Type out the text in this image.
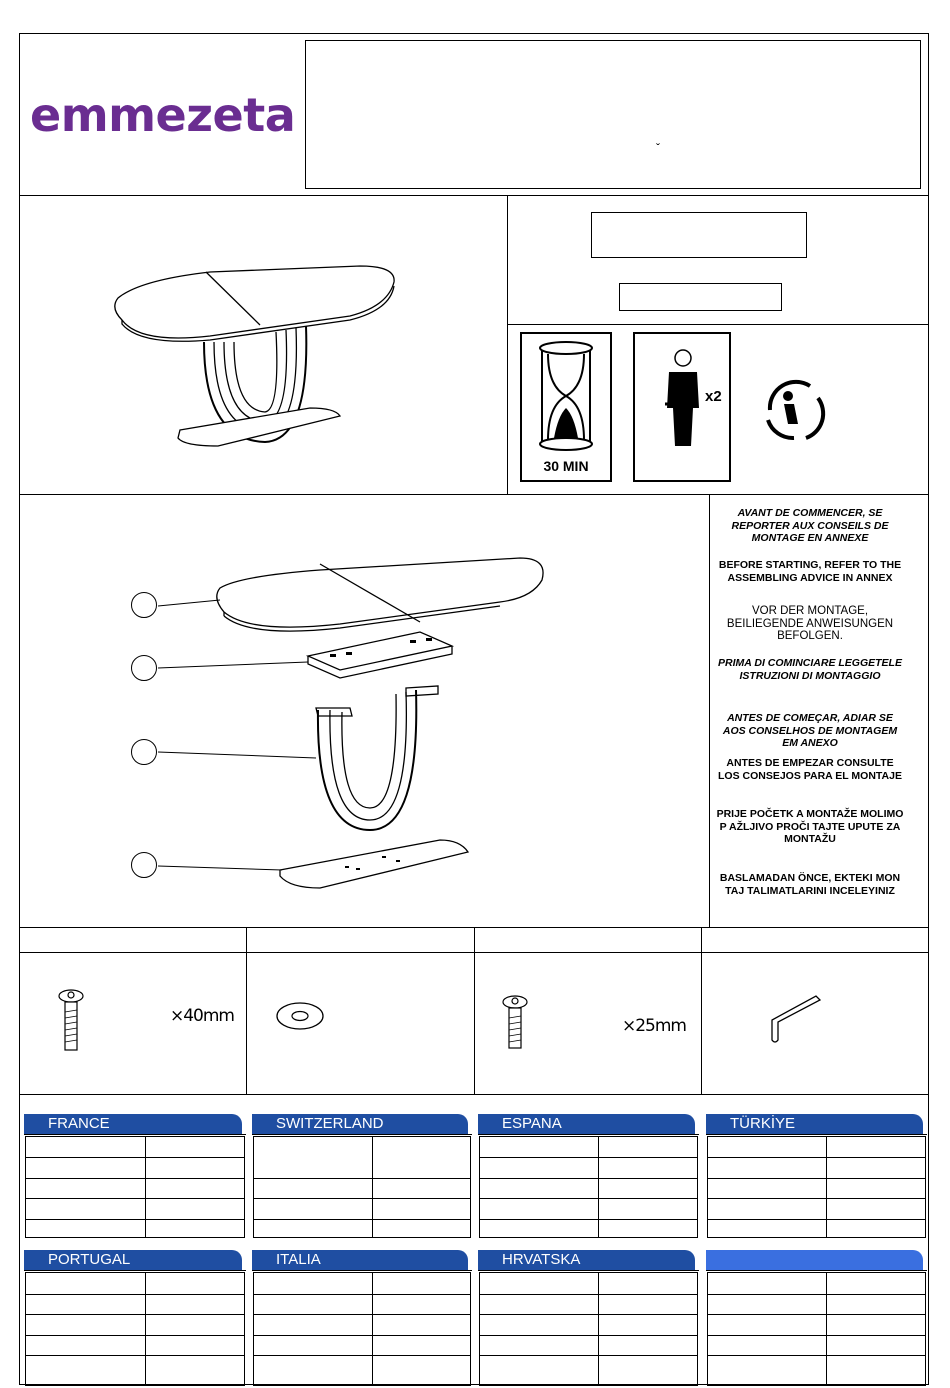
emmezeta
ˇ
30 MIN
x2
AVANT DE COMMENCER, SE REPORTER AUX CONSEILS DE MONTAGE EN ANNEXE
BEFORE STARTING, REFER TO THE ASSEMBLING ADVICE IN ANNEX
VOR DER MONTAGE, BEILIEGENDE ANWEISUNGEN BEFOLGEN.
PRIMA DI COMINCIARE LEGGETELE ISTRUZIONI DI MONTAGGIO
ANTES DE COMEÇAR, ADIAR SE AOS CONSELHOS DE MONTAGEM EM ANEXO
ANTES DE EMPEZAR CONSULTE LOS CONSEJOS PARA EL MONTAJE
PRIJE POČETK A MONTAŽE MOLIMO P AŽLJIVO PROČI TAJTE UPUTE ZA MONTAŽU
BASLAMADAN ÖNCE, EKTEKI MON TAJ TALIMATLARINI INCELEYINIZ
×40mm	×25mm
FRANCE	SWITZERLAND	ESPANA	TÜRKİYE
PORTUGAL	ITALIA	HRVATSKA
